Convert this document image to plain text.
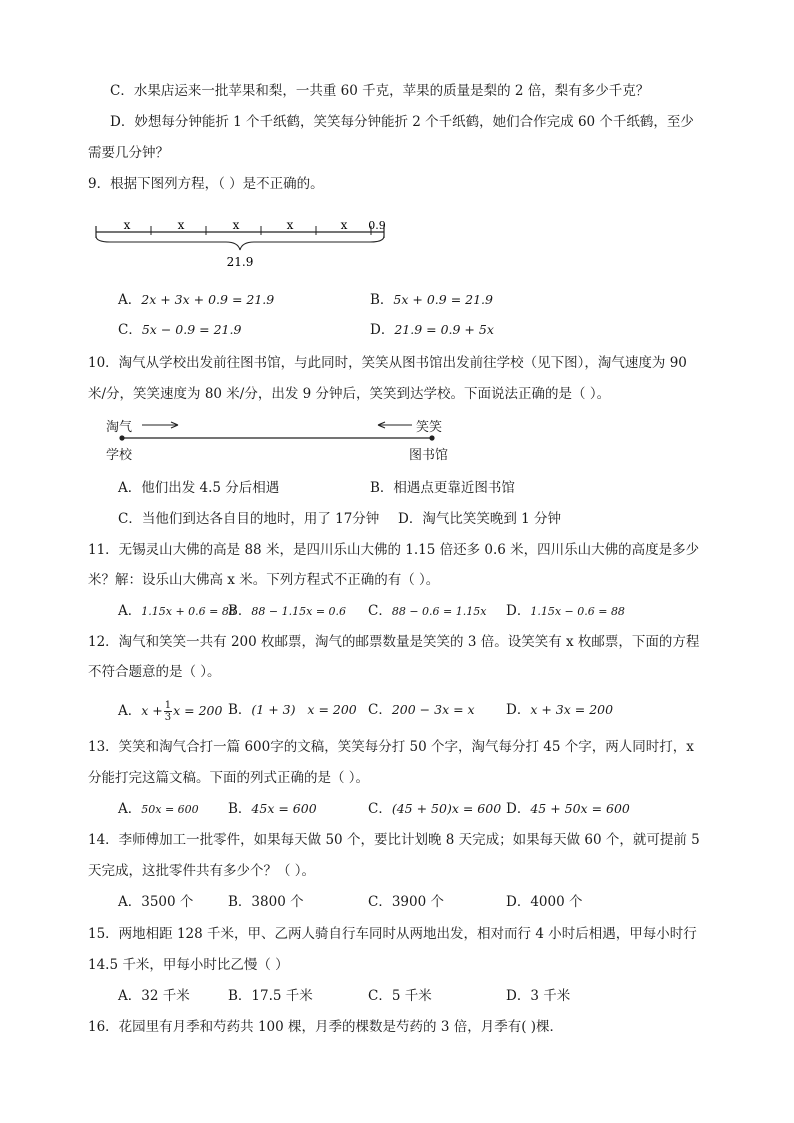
C．水果店运来一批苹果和梨，一共重 60 千克，苹果的质量是梨的 2 倍，梨有多少千克？
D．妙想每分钟能折 1 个千纸鹤，笑笑每分钟能折 2 个千纸鹤，她们合作完成 60 个千纸鹤，至少
需要几分钟？
9．根据下图列方程，（ ）是不正确的。
x	x	x	x	x 0.9
21.9
A．2x + 3x + 0.9 = 21.9	B．5x + 0.9 = 21.9
C．5x − 0.9 = 21.9	D．21.9 = 0.9 + 5x
10．淘气从学校出发前往图书馆，与此同时，笑笑从图书馆出发前往学校（见下图），淘气速度为 90
米/分，笑笑速度为 80 米/分，出发 9 分钟后，笑笑到达学校。下面说法正确的是（ ）。
淘气	笑笑
学校	图书馆
A．他们出发 4.5 分后相遇	B．相遇点更靠近图书馆
C．当他们到达各自目的地时，用了 17分钟 D．淘气比笑笑晚到 1 分钟
11．无锡灵山大佛的高是 88 米，是四川乐山大佛的 1.15 倍还多 0.6 米，四川乐山大佛的高度是多少
米？解：设乐山大佛高 x 米。下列方程式不正确的有（ ）。
A．1.15x + 0.6 = 88
B．88 − 1.15x = 0.6 C．88 − 0.6 = 1.15x D．1.15x − 0.6 = 88
12．淘气和笑笑一共有 200 枚邮票，淘气的邮票数量是笑笑的 3 倍。设笑笑有 x 枚邮票，下面的方程
不符合题意的是（ ）。
A．$x + \frac{1}{3}$ x = 200 B．(1 + 3)   x = 200 C．200 − 3x = x D．x + 3x = 200
13．笑笑和淘气合打一篇 600字的文稿，笑笑每分打 50 个字，淘气每分打 45 个字，两人同时打，x
分能打完这篇文稿。下面的列式正确的是（ ）。
A．50x = 600 B．45x = 600	C．(45 + 50)x = 600 D．45 + 50x = 600
14．李师傅加工一批零件，如果每天做 50 个，要比计划晚 8 天完成；如果每天做 60 个，就可提前 5
天完成，这批零件共有多少个？（ ）。
A．3500 个	B．3800 个	C．3900 个	D．4000 个
15．两地相距 128 千米，甲、乙两人骑自行车同时从两地出发，相对而行 4 小时后相遇，甲每小时行
14.5 千米，甲每小时比乙慢（ ）
A．32 千米	B．17.5 千米	C．5 千米	D．3 千米
16．花园里有月季和芍药共 100 棵，月季的棵数是芍药的 3 倍，月季有( )棵．
